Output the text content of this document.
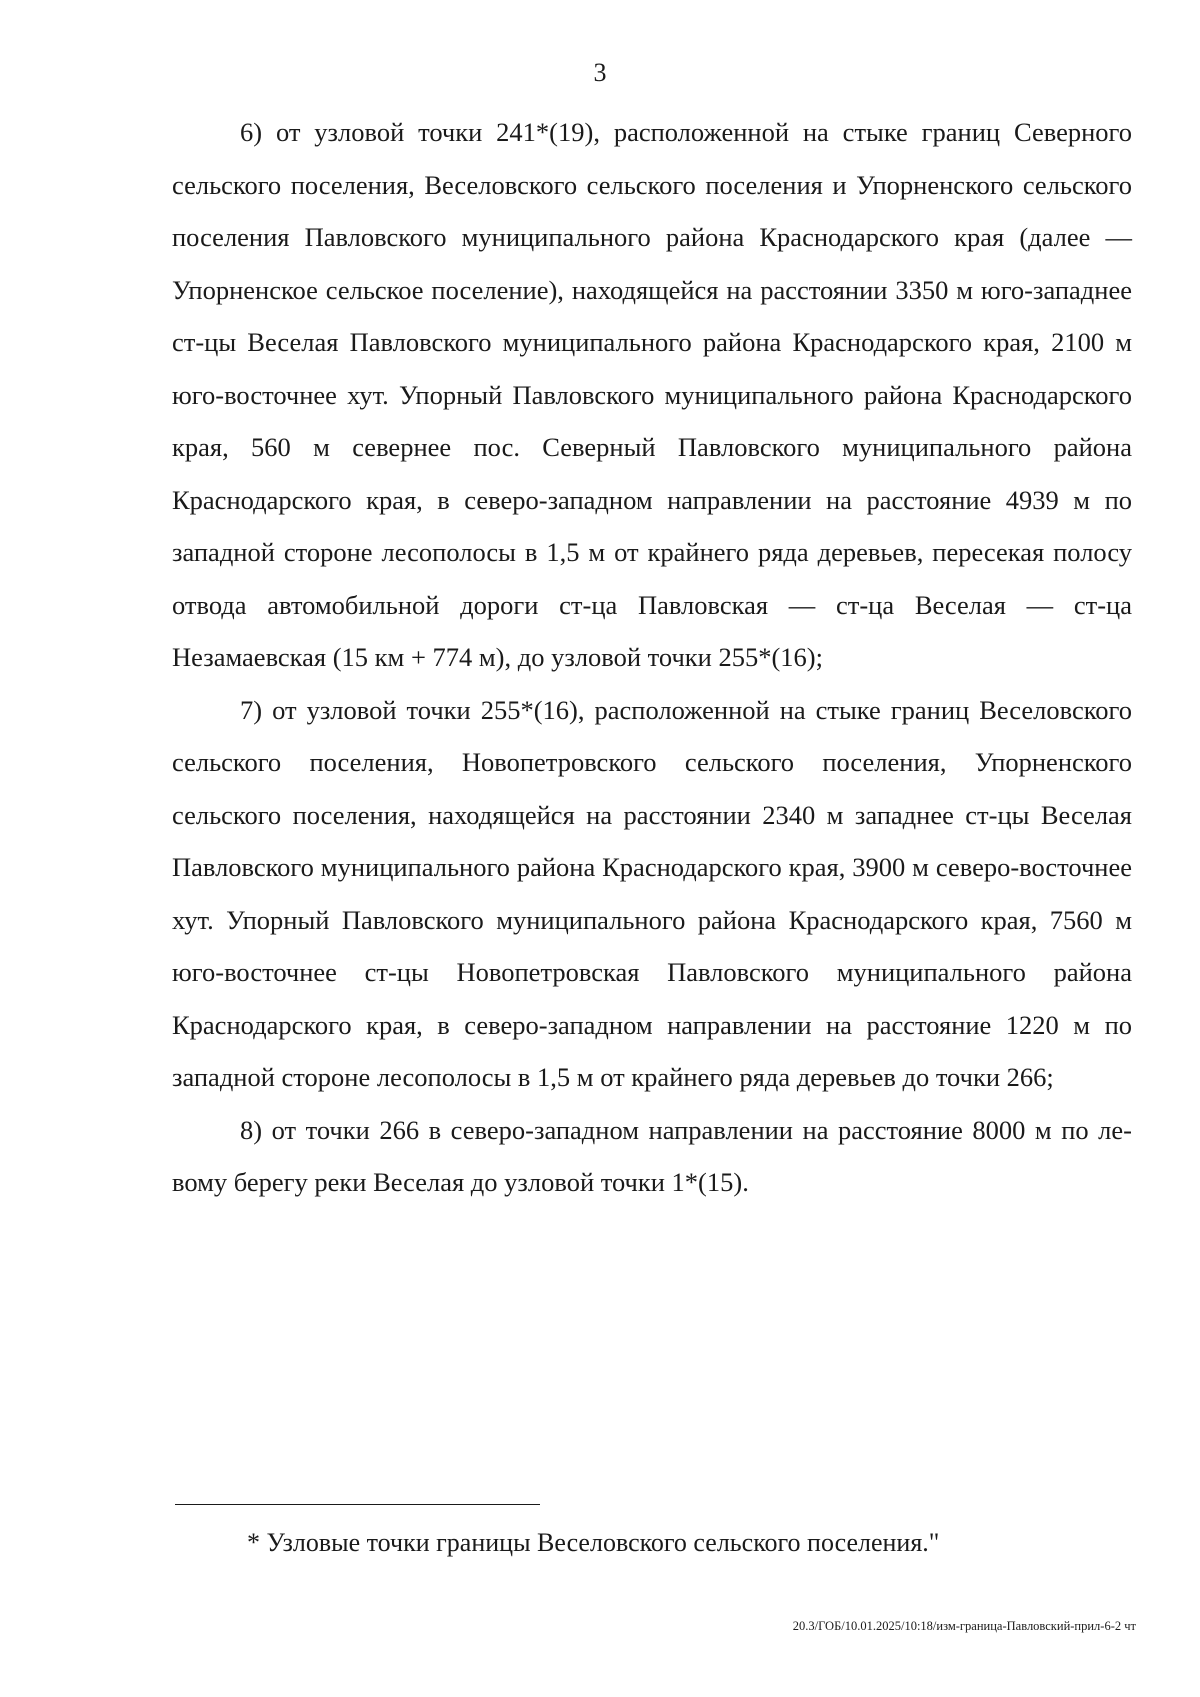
3

6) от узловой точки 241*(19), расположенной на стыке границ Северного сельского поселения, Веселовского сельского поселения и Упорненского сельского поселения Павловского муниципального района Краснодарского края (далее — Упорненское сельское поселение), находящейся на расстоянии 3350 м юго-западнее ст-цы Веселая Павловского муниципального района Краснодарского края, 2100 м юго-восточнее хут. Упорный Павловского муниципального района Краснодарского края, 560 м севернее пос. Северный Павловского муниципального района Краснодарского края, в северо-западном направлении на расстояние 4939 м по западной стороне лесополосы в 1,5 м от крайнего ряда деревьев, пересекая полосу отвода автомобильной дороги ст-ца Павловская — ст-ца Веселая — ст-ца Незамаевская (15 км + 774 м), до узловой точки 255*(16);

7) от узловой точки 255*(16), расположенной на стыке границ Веселовского сельского поселения, Новопетровского сельского поселения, Упорненского сельского поселения, находящейся на расстоянии 2340 м западнее ст-цы Веселая Павловского муниципального района Краснодарского края, 3900 м северо-восточнее хут. Упорный Павловского муниципального района Краснодарского края, 7560 м юго-восточнее ст-цы Новопетровская Павловского муниципального района Краснодарского края, в северо-западном направлении на расстояние 1220 м по западной стороне лесополосы в 1,5 м от крайнего ряда деревьев до точки 266;

8) от точки 266 в северо-западном направлении на расстояние 8000 м по левому берегу реки Веселая до узловой точки 1*(15).

* Узловые точки границы Веселовского сельского поселения."
20.3/ГОБ/10.01.2025/10:18/изм-граница-Павловский-прил-6-2 чт
